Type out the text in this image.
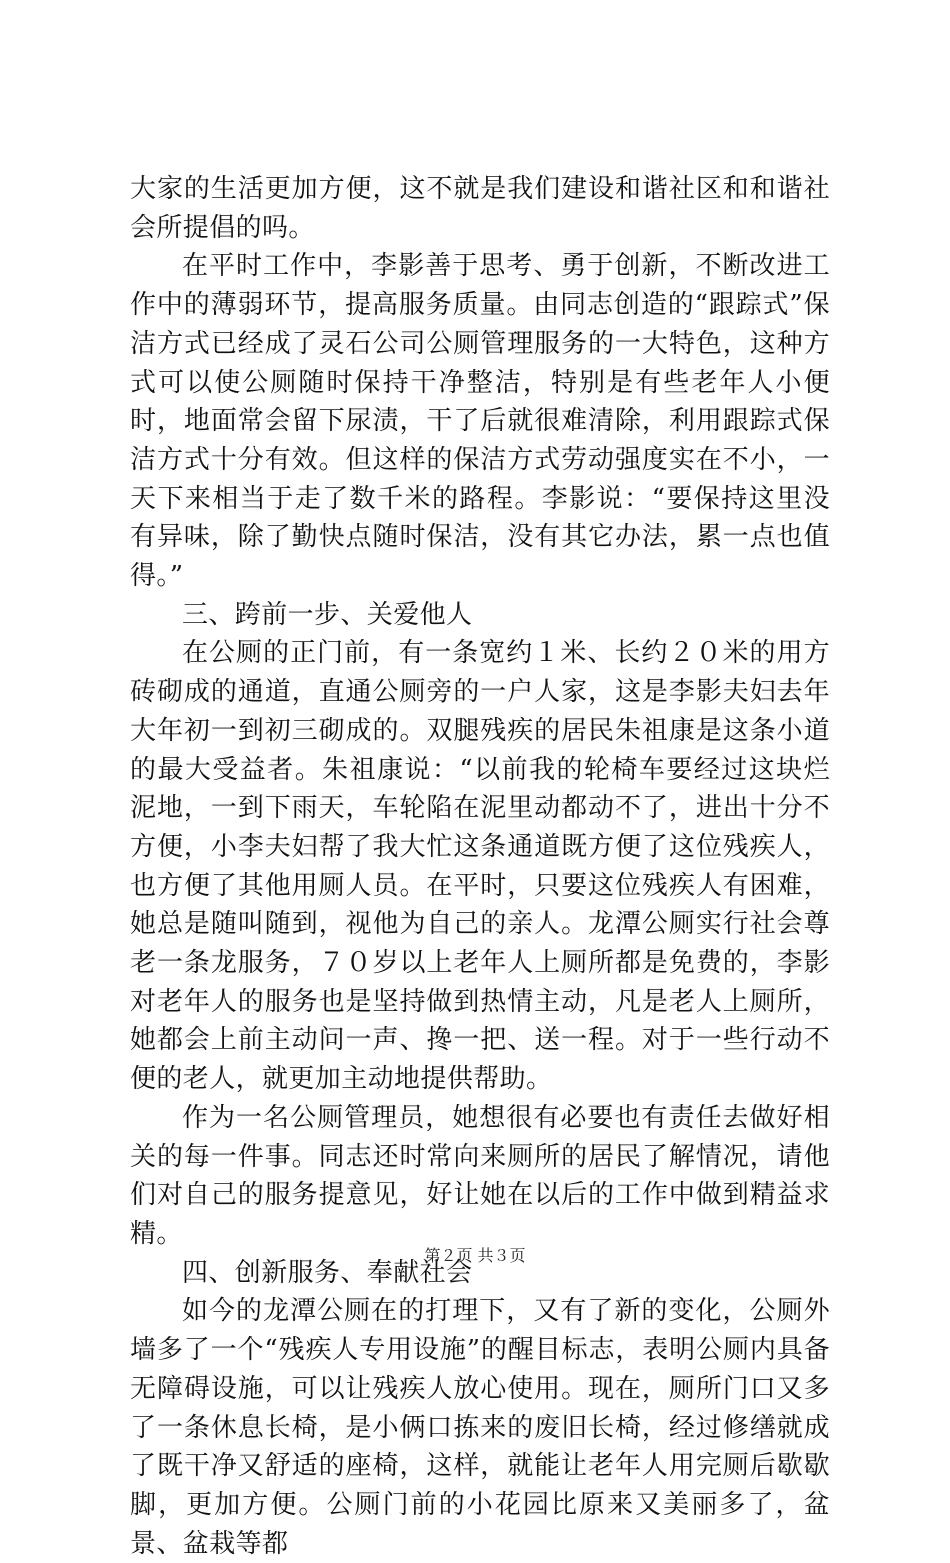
大家的生活更加方便，这不就是我们建设和谐社区和和谐社会所提倡的吗。

在平时工作中，李影善于思考、勇于创新，不断改进工作中的薄弱环节，提高服务质量。由同志创造的“跟踪式”保洁方式已经成了灵石公司公厕管理服务的一大特色，这种方式可以使公厕随时保持干净整洁，特别是有些老年人小便时，地面常会留下尿渍，干了后就很难清除，利用跟踪式保洁方式十分有效。但这样的保洁方式劳动强度实在不小，一天下来相当于走了数千米的路程。李影说：“要保持这里没有异味，除了勤快点随时保洁，没有其它办法，累一点也值得。”

三、跨前一步、关爱他人

在公厕的正门前，有一条宽约１米、长约２０米的用方砖砌成的通道，直通公厕旁的一户人家，这是李影夫妇去年大年初一到初三砌成的。双腿残疾的居民朱祖康是这条小道的最大受益者。朱祖康说：“以前我的轮椅车要经过这块烂泥地，一到下雨天，车轮陷在泥里动都动不了，进出十分不方便，小李夫妇帮了我大忙这条通道既方便了这位残疾人，也方便了其他用厕人员。在平时，只要这位残疾人有困难，她总是随叫随到，视他为自己的亲人。龙潭公厕实行社会尊老一条龙服务，７０岁以上老年人上厕所都是免费的，李影对老年人的服务也是坚持做到热情主动，凡是老人上厕所，她都会上前主动问一声、搀一把、送一程。对于一些行动不便的老人，就更加主动地提供帮助。

作为一名公厕管理员，她想很有必要也有责任去做好相关的每一件事。同志还时常向来厕所的居民了解情况，请他们对自己的服务提意见，好让她在以后的工作中做到精益求精。

四、创新服务、奉献社会

如今的龙潭公厕在的打理下，又有了新的变化，公厕外墙多了一个“残疾人专用设施”的醒目标志，表明公厕内具备无障碍设施，可以让残疾人放心使用。现在，厕所门口又多了一条休息长椅，是小俩口拣来的废旧长椅，经过修缮就成了既干净又舒适的座椅，这样，就能让老年人用完厕后歇歇脚，更加方便。公厕门前的小花园比原来又美丽多了，盆景、盆栽等都

第２页 共３页
